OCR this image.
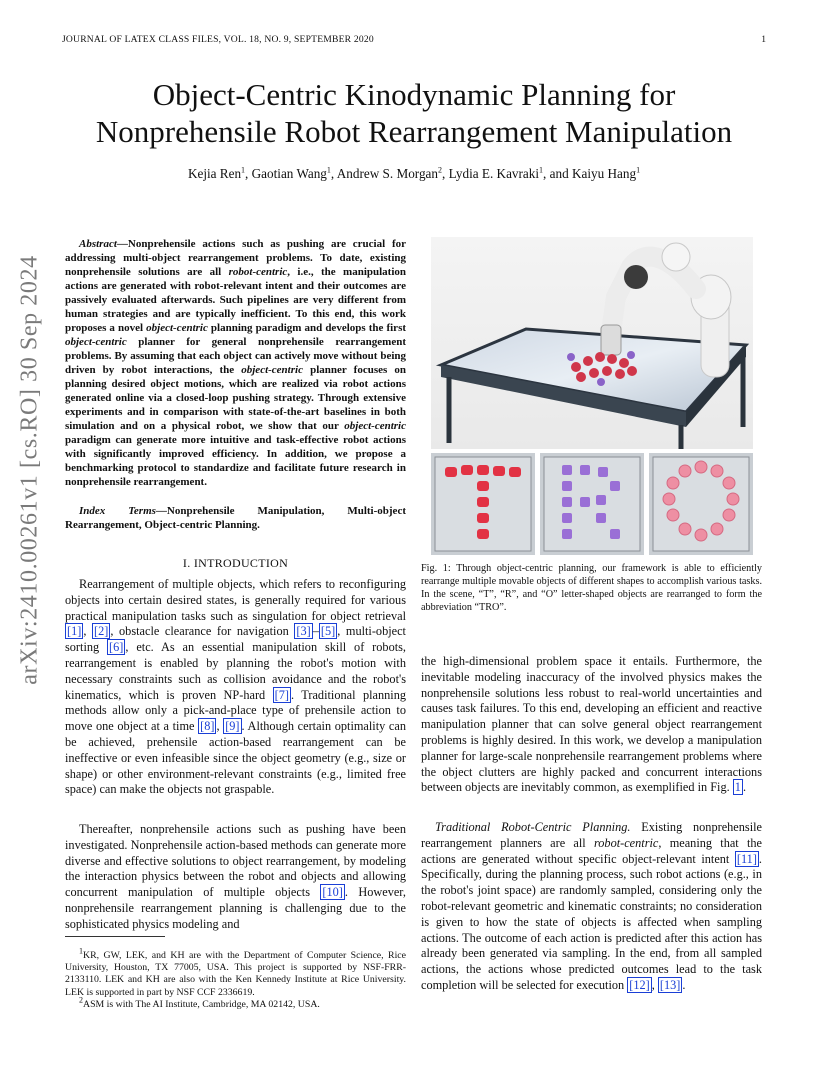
JOURNAL OF LATEX CLASS FILES, VOL. 18, NO. 9, SEPTEMBER 2020	1
arXiv:2410.00261v1 [cs.RO] 30 Sep 2024
Object-Centric Kinodynamic Planning for
Nonprehensile Robot Rearrangement Manipulation
Kejia Ren$^1$, Gaotian Wang$^1$, Andrew S. Morgan$^2$, Lydia E. Kavraki$^1$, and Kaiyu Hang$^1$

Abstract—Nonprehensile actions such as pushing are crucial for addressing multi-object rearrangement problems. To date, existing nonprehensile solutions are all robot-centric, i.e., the manipulation actions are generated with robot-relevant intent and their outcomes are passively evaluated afterwards. Such pipelines are very different from human strategies and are typically inefficient. To this end, this work proposes a novel object-centric planning paradigm and develops the first object-centric planner for general nonprehensile rearrangement problems. By assuming that each object can actively move without being driven by robot interactions, the object-centric planner focuses on planning desired object motions, which are realized via robot actions generated online via a closed-loop pushing strategy. Through extensive experiments and in comparison with state-of-the-art baselines in both simulation and on a physical robot, we show that our object-centric paradigm can generate more intuitive and task-effective robot actions with significantly improved efficiency. In addition, we propose a benchmarking protocol to standardize and facilitate future research in nonprehensile rearrangement.

Index Terms—Nonprehensile Manipulation, Multi-object Rearrangement, Object-centric Planning.

I. INTRODUCTION

Rearrangement of multiple objects, which refers to reconfiguring objects into certain desired states, is generally required for various practical manipulation tasks such as singulation for object retrieval [1] , [2] , obstacle clearance for navigation [3] – [5] , multi-object sorting [6] , etc. As an essential manipulation skill of robots, rearrangement is enabled by planning the robot's motion with necessary constraints such as collision avoidance and the robot's kinematics, which is proven NP-hard [7] . Traditional planning methods allow only a pick-and-place type of prehensile action to move one object at a time [8] , [9] . Although certain optimality can be achieved, prehensile action-based rearrangement can be ineffective or even infeasible since the object geometry (e.g., size or shape) or other environment-relevant constraints (e.g., limited free space) can make the objects not graspable.

Thereafter, nonprehensile actions such as pushing have been investigated. Nonprehensile action-based methods can generate more diverse and effective solutions to object rearrangement, by modeling the interaction physics between the robot and objects and allowing concurrent manipulation of multiple objects [10] . However, nonprehensile rearrangement planning is challenging due to the sophisticated physics modeling and

$^1$KR, GW, LEK, and KH are with the Department of Computer Science, Rice University, Houston, TX 77005, USA. This project is supported by NSF-FRR-2133110. LEK and KH are also with the Ken Kennedy Institute at Rice University. LEK is supported in part by NSF CCF 2336619.

$^2$ASM is with The AI Institute, Cambridge, MA 02142, USA.

Fig. 1: Through object-centric planning, our framework is able to efficiently rearrange multiple movable objects of different shapes to accomplish various tasks. In the scene, “T”, “R”, and “O” letter-shaped objects are rearranged to form the abbreviation “TRO”.

the high-dimensional problem space it entails. Furthermore, the inevitable modeling inaccuracy of the involved physics makes the nonprehensile solutions less robust to real-world uncertainties and causes task failures. To this end, developing an efficient and reactive manipulation planner that can solve general object rearrangement problems is highly desired. In this work, we develop a manipulation planner for large-scale nonprehensile rearrangement problems where the object clutters are highly packed and concurrent interactions between objects are inevitably common, as exemplified in Fig. 1 .

Traditional Robot-Centric Planning. Existing nonprehensile rearrangement planners are all robot-centric, meaning that the actions are generated without specific object-relevant intent [11] . Specifically, during the planning process, such robot actions (e.g., in the robot's joint space) are randomly sampled, considering only the robot-relevant geometric and kinematic constraints; no consideration is given to how the state of objects is affected when sampling actions. The outcome of each action is predicted after this action has already been generated via sampling. In the end, from all sampled actions, the actions whose predicted outcomes lead to the task completion will be selected for execution [12] , [13] .
